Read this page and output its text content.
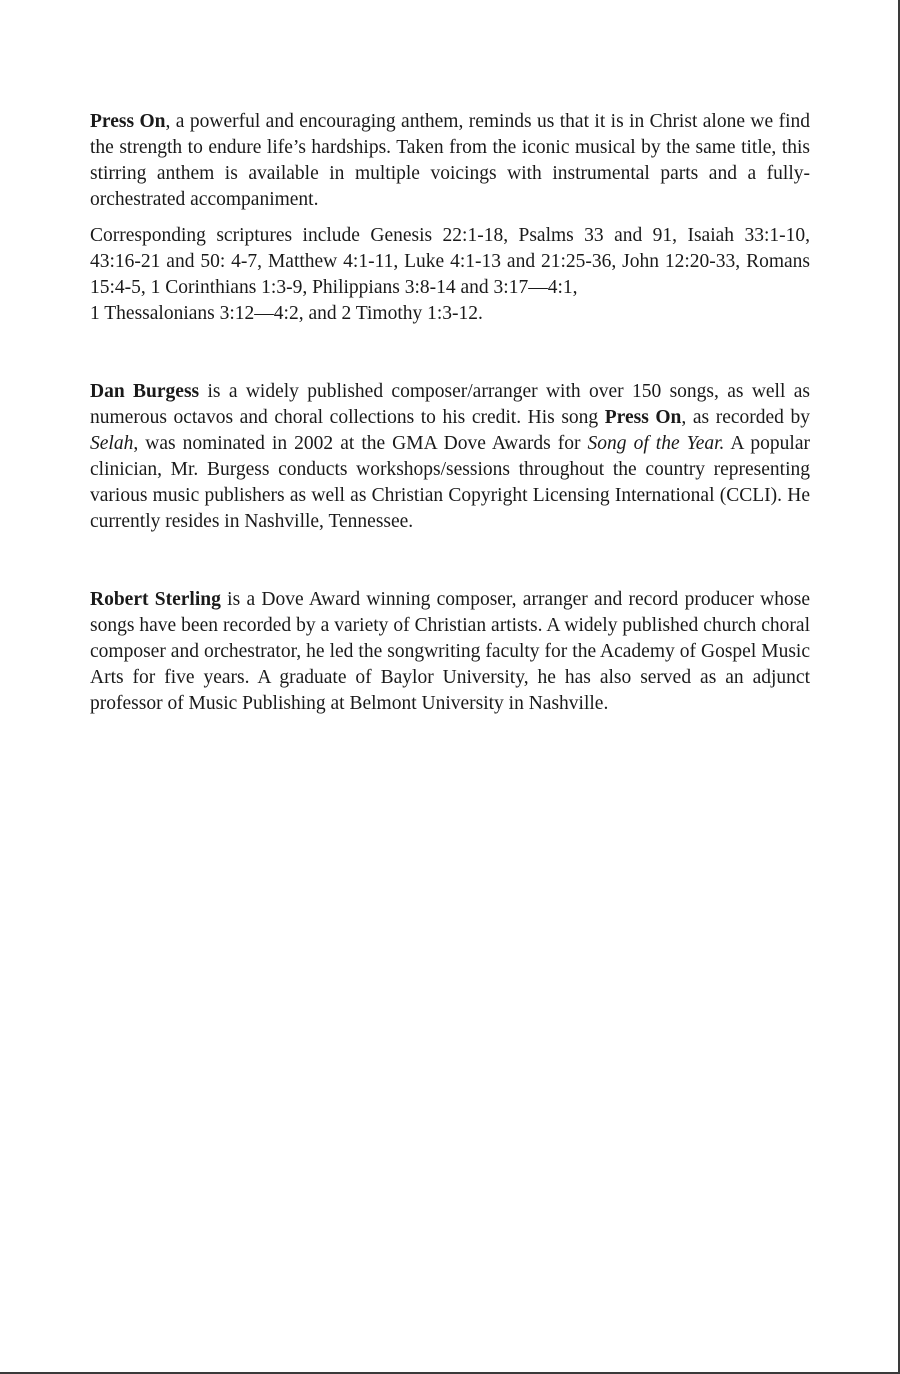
Press On, a powerful and encouraging anthem, reminds us that it is in Christ alone we find the strength to endure life’s hardships. Taken from the iconic musical by the same title, this stirring anthem is available in multiple voicings with instrumental parts and a fully-orchestrated accompaniment.

Corresponding scriptures include Genesis 22:1-18, Psalms 33 and 91, Isaiah 33:1-10, 43:16-21 and 50: 4-7, Matthew 4:1-11, Luke 4:1-13 and 21:25-36, John 12:20-33, Romans 15:4-5, 1 Corinthians 1:3-9, Philippians 3:8-14 and 3:17—4:1,
1 Thessalonians 3:12—4:2, and 2 Timothy 1:3-12.

Dan Burgess is a widely published composer/arranger with over 150 songs, as well as numerous octavos and choral collections to his credit. His song Press On, as recorded by Selah, was nominated in 2002 at the GMA Dove Awards for Song of the Year. A popular clinician, Mr. Burgess conducts workshops/sessions throughout the country representing various music publishers as well as Christian Copyright Licensing International (CCLI). He currently resides in Nashville, Tennessee.

Robert Sterling is a Dove Award winning composer, arranger and record producer whose songs have been recorded by a variety of Christian artists. A widely published church choral composer and orchestrator, he led the songwriting faculty for the Academy of Gospel Music Arts for five years. A graduate of Baylor University, he has also served as an adjunct professor of Music Publishing at Belmont University in Nashville.
